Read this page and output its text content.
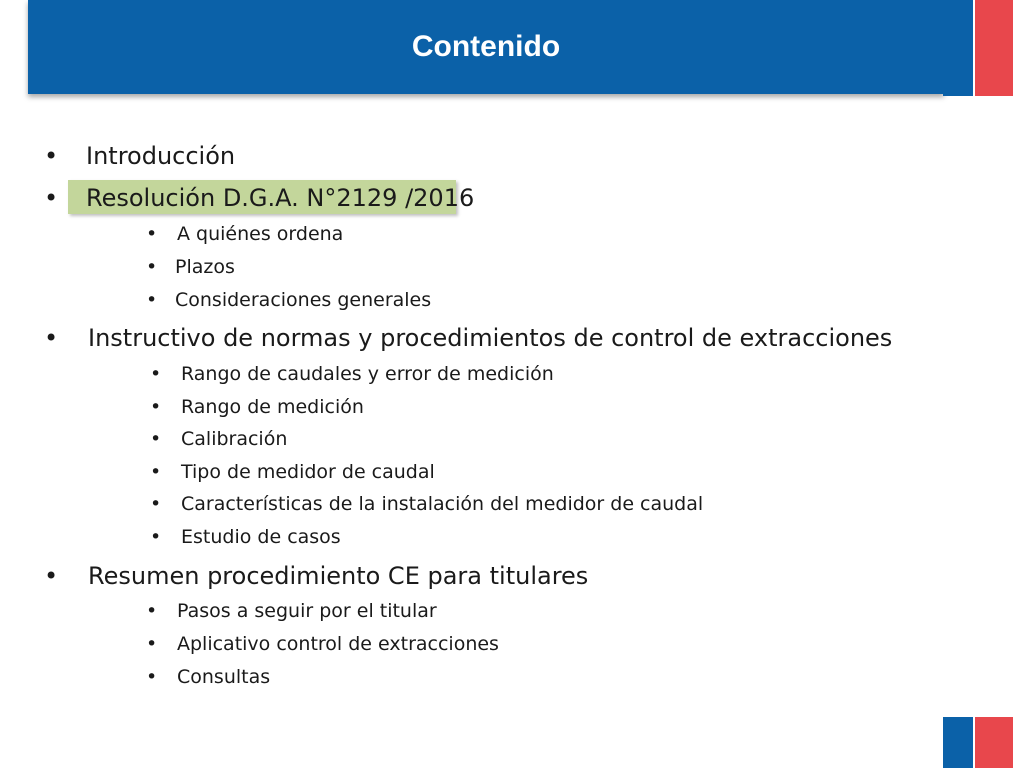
Contenido
• Introducción
• Resolución D.G.A. N°2129 /2016
• A quiénes ordena
• Plazos
• Consideraciones generales
• Instructivo de normas y procedimientos de control de extracciones
• Rango de caudales y error de medición
• Rango de medición
• Calibración
• Tipo de medidor de caudal
• Características de la instalación del medidor de caudal
• Estudio de casos
• Resumen procedimiento CE para titulares
• Pasos a seguir por el titular
• Aplicativo control de extracciones
• Consultas
